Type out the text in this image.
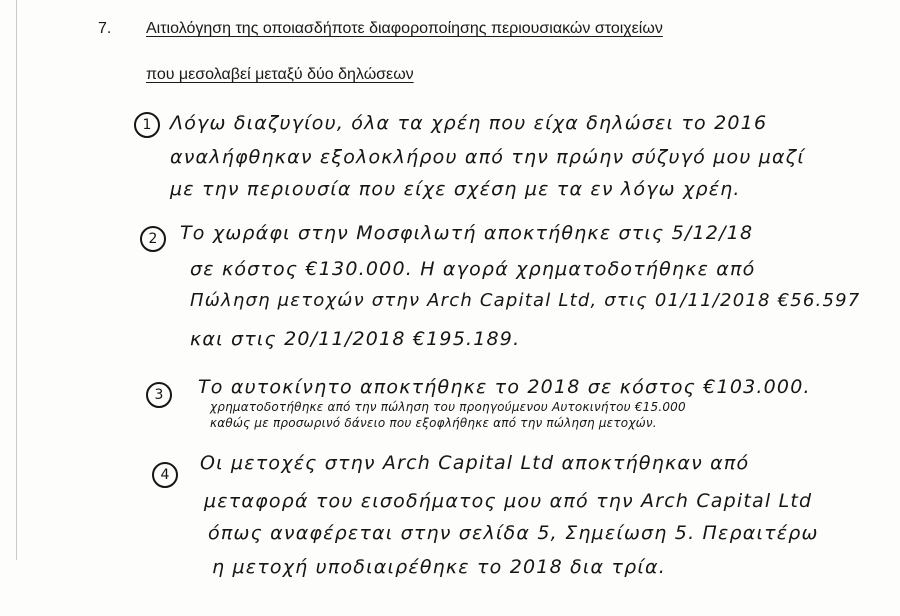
7. Αιτιολόγηση της οποιασδήποτε διαφοροποίησης περιουσιακών στοιχείων
που μεσολαβεί μεταξύ δύο δηλώσεων
1 Λόγω διαζυγίου, όλα τα χρέη που είχα δηλώσει το 2016
αναλήφθηκαν εξολοκλήρου από την πρώην σύζυγό μου μαζί
με την περιουσία που είχε σχέση με τα εν λόγω χρέη.
2	Το χωράφι στην Μοσφιλωτή αποκτήθηκε στις 5/12/18
σε κόστος €130.000. Η αγορά χρηματοδοτήθηκε από
Πώληση μετοχών στην Arch Capital Ltd, στις 01/11/2018 €56.597
και στις 20/11/2018 €195.189.
3	Το αυτοκίνητο αποκτήθηκε το 2018 σε κόστος €103.000.
χρηματοδοτήθηκε από την πώληση του προηγούμενου Αυτοκινήτου €15.000
καθώς με προσωρινό δάνειο που εξοφλήθηκε από την πώληση μετοχών.
4
Οι μετοχές στην Arch Capital Ltd αποκτήθηκαν από
μεταφορά του εισοδήματος μου από την Arch Capital Ltd
όπως αναφέρεται στην σελίδα 5, Σημείωση 5. Περαιτέρω
η μετοχή υποδιαιρέθηκε το 2018 δια τρία.
